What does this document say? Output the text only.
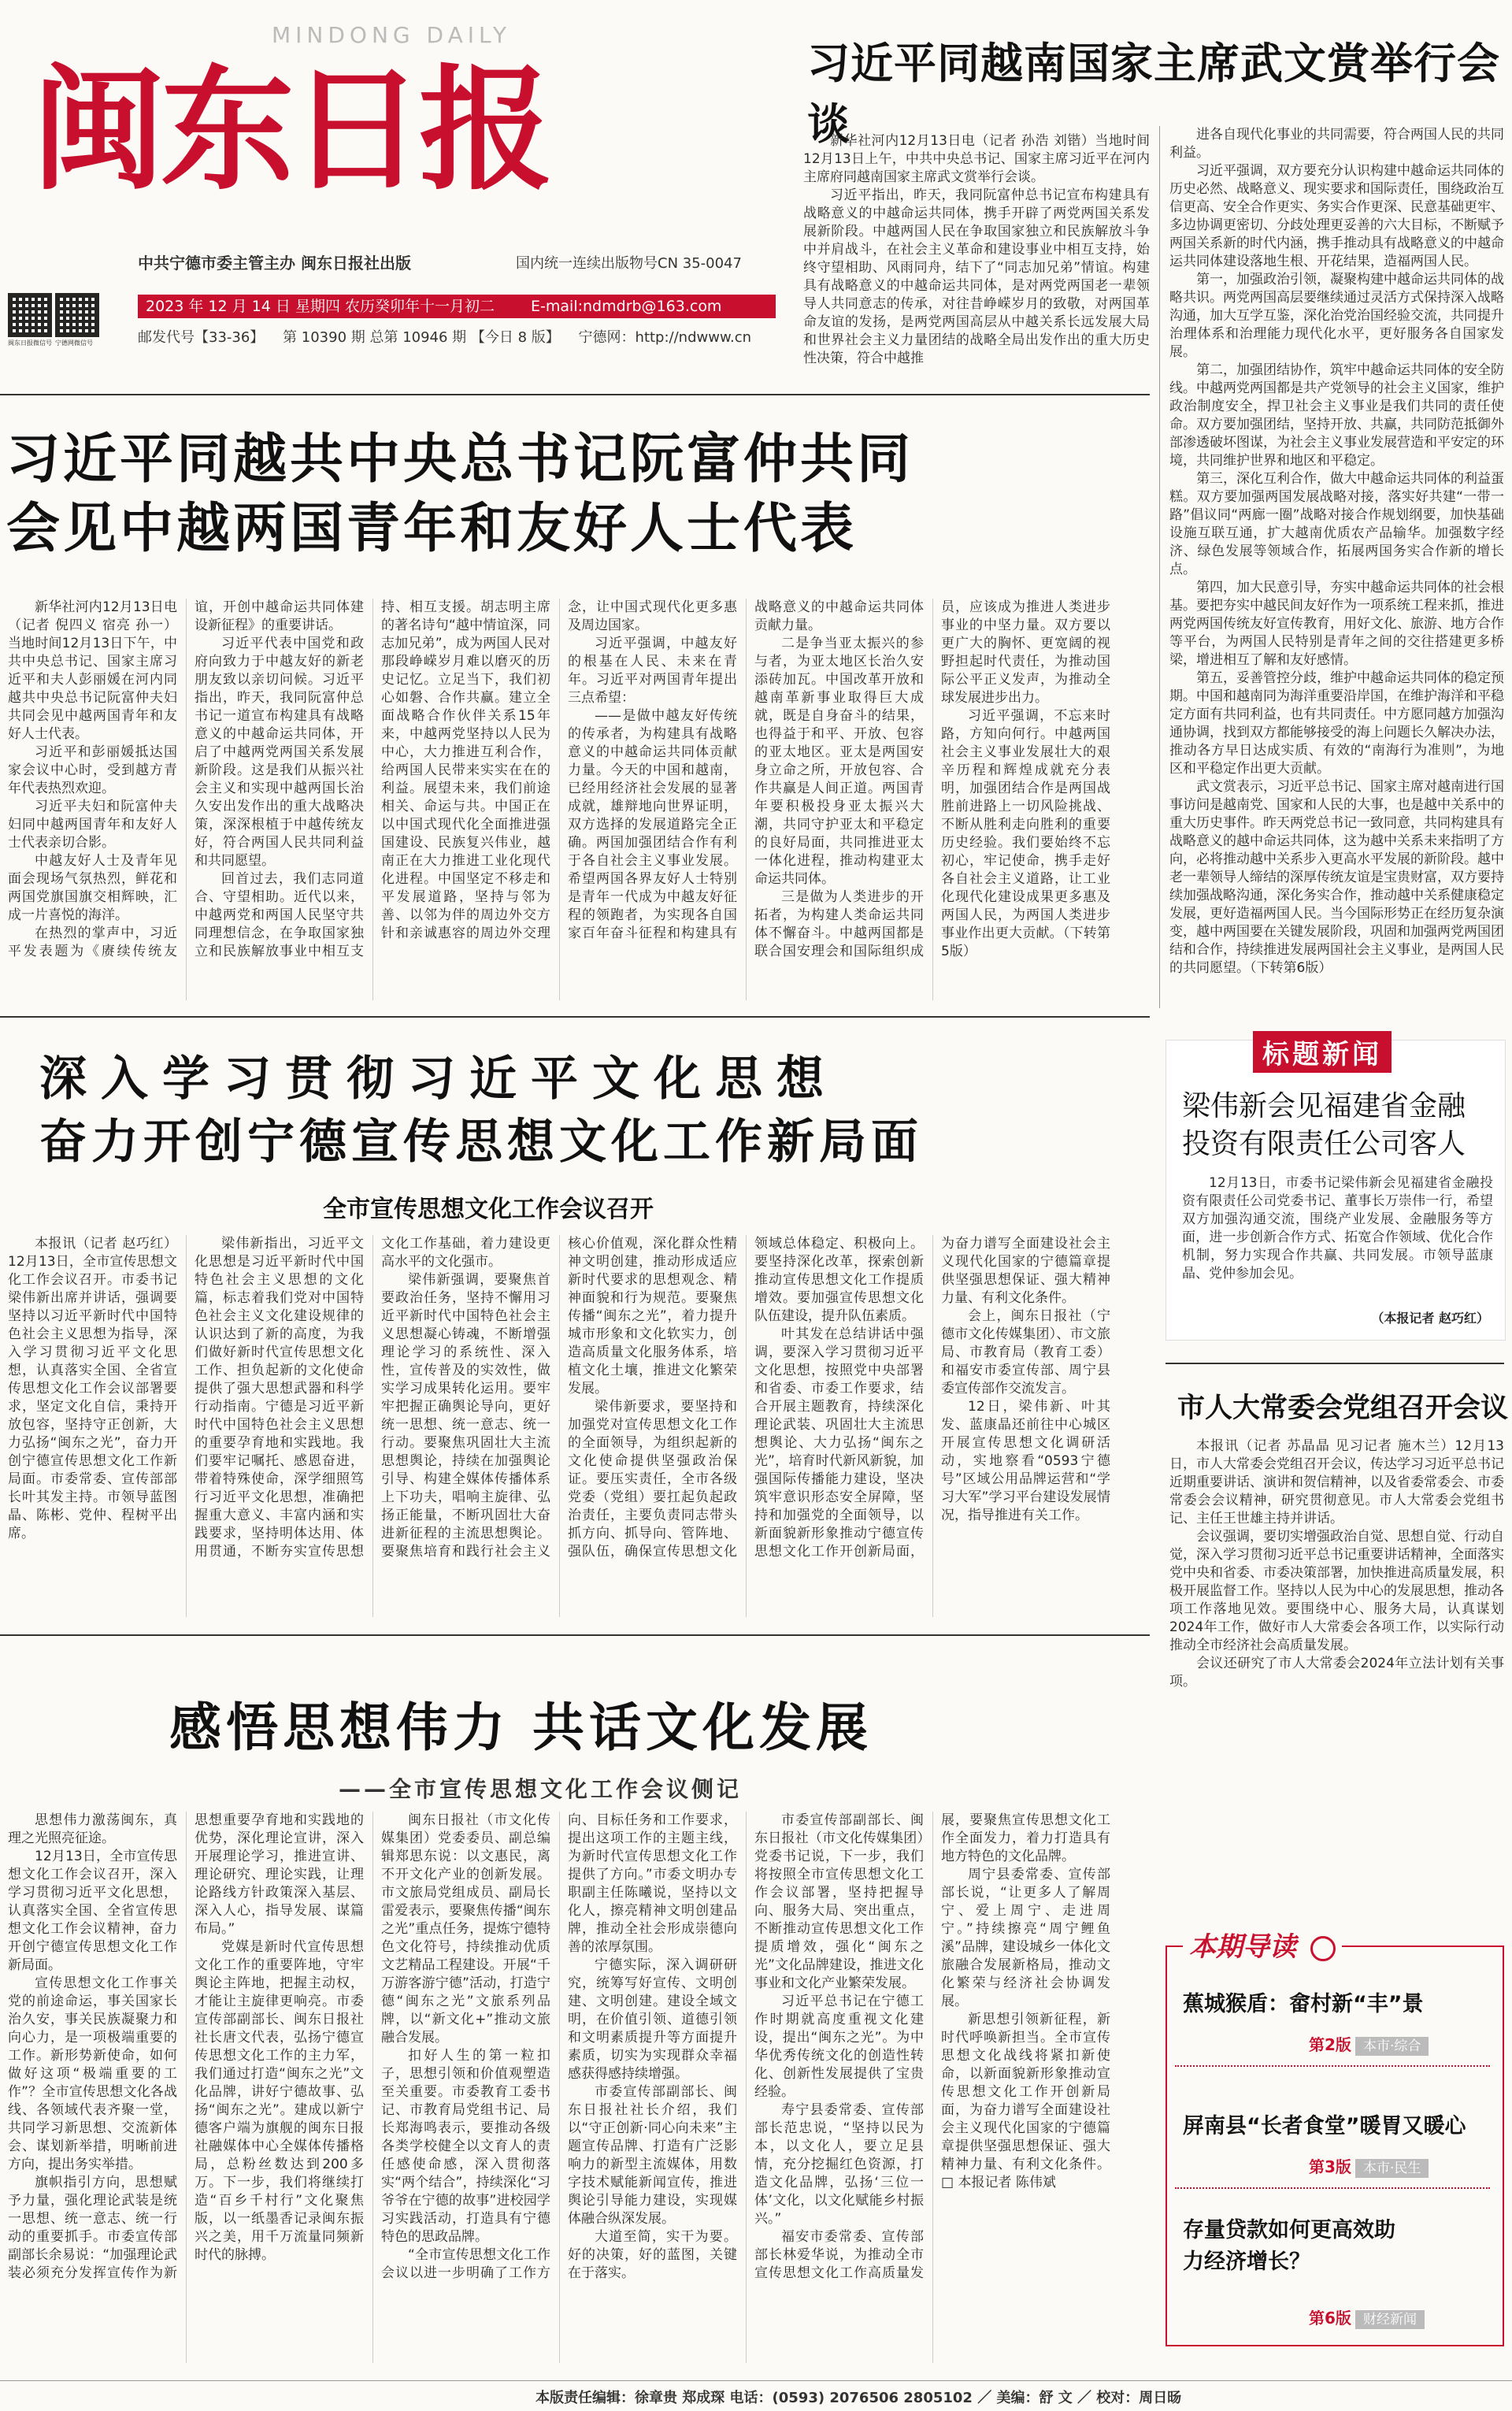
MINDONG DAILY
闽东日报
中共宁德市委主管主办 闽东日报社出版	国内统一连续出版物号CN 35-0047
闽东日报微信号 宁德网微信号
2023 年 12 月 14 日 星期四 农历癸卯年十一月初二 E-mail:ndmdrb@163.com
邮发代号【33-36】 第 10390 期 总第 10946 期 【今日 8 版】 宁德网：http://ndwww.cn
习近平同越南国家主席武文赏举行会谈

新华社河内12月13日电（记者 孙浩 刘锴）当地时间12月13日上午，中共中央总书记、国家主席习近平在河内主席府同越南国家主席武文赏举行会谈。

习近平指出，昨天，我同阮富仲总书记宣布构建具有战略意义的中越命运共同体，携手开辟了两党两国关系发展新阶段。中越两国人民在争取国家独立和民族解放斗争中并肩战斗，在社会主义革命和建设事业中相互支持，始终守望相助、风雨同舟，结下了“同志加兄弟”情谊。构建具有战略意义的中越命运共同体，是对两党两国老一辈领导人共同意志的传承，对往昔峥嵘岁月的致敬，对两国革命友谊的发扬，是两党两国高层从中越关系长远发展大局和世界社会主义力量团结的战略全局出发作出的重大历史性决策，符合中越推

进各自现代化事业的共同需要，符合两国人民的共同利益。

习近平强调，双方要充分认识构建中越命运共同体的历史必然、战略意义、现实要求和国际责任，围绕政治互信更高、安全合作更实、务实合作更深、民意基础更牢、多边协调更密切、分歧处理更妥善的六大目标，不断赋予两国关系新的时代内涵，携手推动具有战略意义的中越命运共同体建设落地生根、开花结果，造福两国人民。

第一，加强政治引领，凝聚构建中越命运共同体的战略共识。两党两国高层要继续通过灵活方式保持深入战略沟通，加大互学互鉴，深化治党治国经验交流，共同提升治理体系和治理能力现代化水平，更好服务各自国家发展。

第二，加强团结协作，筑牢中越命运共同体的安全防线。中越两党两国都是共产党领导的社会主义国家，维护政治制度安全，捍卫社会主义事业是我们共同的责任使命。双方要加强团结，坚持开放、共赢，共同防范抵御外部渗透破坏图谋，为社会主义事业发展营造和平安定的环境，共同维护世界和地区和平稳定。

第三，深化互利合作，做大中越命运共同体的利益蛋糕。双方要加强两国发展战略对接，落实好共建“一带一路”倡议同“两廊一圈”战略对接合作规划纲要，加快基础设施互联互通，扩大越南优质农产品输华。加强数字经济、绿色发展等领域合作，拓展两国务实合作新的增长点。

第四，加大民意引导，夯实中越命运共同体的社会根基。要把夯实中越民间友好作为一项系统工程来抓，推进两党两国传统友好宣传教育，用好文化、旅游、地方合作等平台，为两国人民特别是青年之间的交往搭建更多桥梁，增进相互了解和友好感情。

第五，妥善管控分歧，维护中越命运共同体的稳定预期。中国和越南同为海洋重要沿岸国，在维护海洋和平稳定方面有共同利益，也有共同责任。中方愿同越方加强沟通协调，找到双方都能够接受的海上问题长久解决办法，推动各方早日达成实质、有效的“南海行为准则”，为地区和平稳定作出更大贡献。

武文赏表示，习近平总书记、国家主席对越南进行国事访问是越南党、国家和人民的大事，也是越中关系中的重大历史事件。昨天两党总书记一致同意，共同构建具有战略意义的越中命运共同体，这为越中关系未来指明了方向，必将推动越中关系步入更高水平发展的新阶段。越中老一辈领导人缔结的深厚传统友谊是宝贵财富，双方要持续加强战略沟通，深化务实合作，推动越中关系健康稳定发展，更好造福两国人民。当今国际形势正在经历复杂演变，越中两国要在关键发展阶段，巩固和加强两党两国团结和合作，持续推进发展两国社会主义事业，是两国人民的共同愿望。（下转第6版）

习近平同越共中央总书记阮富仲共同
会见中越两国青年和友好人士代表

新华社河内12月13日电（记者 倪四义 宿亮 孙一）当地时间12月13日下午，中共中央总书记、国家主席习近平和夫人彭丽媛在河内同越共中央总书记阮富仲夫妇共同会见中越两国青年和友好人士代表。

习近平和彭丽媛抵达国家会议中心时，受到越方青年代表热烈欢迎。

习近平夫妇和阮富仲夫妇同中越两国青年和友好人士代表亲切合影。

中越友好人士及青年见面会现场气氛热烈，鲜花和两国党旗国旗交相辉映，汇成一片喜悦的海洋。

在热烈的掌声中，习近平发表题为《赓续传统友谊，开创中越命运共同体建设新征程》的重要讲话。

习近平代表中国党和政府向致力于中越友好的新老朋友致以亲切问候。习近平指出，昨天，我同阮富仲总书记一道宣布构建具有战略意义的中越命运共同体，开启了中越两党两国关系发展新阶段。这是我们从振兴社会主义和实现中越两国长治久安出发作出的重大战略决策，深深根植于中越传统友好，符合两国人民共同利益和共同愿望。

回首过去，我们志同道合、守望相助。近代以来，中越两党和两国人民坚守共同理想信念，在争取国家独立和民族解放事业中相互支持、相互支援。胡志明主席的著名诗句“越中情谊深，同志加兄弟”，成为两国人民对那段峥嵘岁月难以磨灭的历史记忆。立足当下，我们初心如磐、合作共赢。建立全面战略合作伙伴关系15年来，中越两党坚持以人民为中心，大力推进互利合作，给两国人民带来实实在在的利益。展望未来，我们前途相关、命运与共。中国正在以中国式现代化全面推进强国建设、民族复兴伟业，越南正在大力推进工业化现代化进程。中国坚定不移走和平发展道路，坚持与邻为善、以邻为伴的周边外交方针和亲诚惠容的周边外交理念，让中国式现代化更多惠及周边国家。

习近平强调，中越友好的根基在人民、未来在青年。习近平对两国青年提出三点希望：

——是做中越友好传统的传承者，为构建具有战略意义的中越命运共同体贡献力量。今天的中国和越南，已经用经济社会发展的显著成就，雄辩地向世界证明，双方选择的发展道路完全正确。两国加强团结合作有利于各自社会主义事业发展。希望两国各界友好人士特别是青年一代成为中越友好征程的领跑者，为实现各自国家百年奋斗征程和构建具有战略意义的中越命运共同体贡献力量。

二是争当亚太振兴的参与者，为亚太地区长治久安添砖加瓦。中国改革开放和越南革新事业取得巨大成就，既是自身奋斗的结果，也得益于和平、开放、包容的亚太地区。亚太是两国安身立命之所，开放包容、合作共赢是人间正道。两国青年要积极投身亚太振兴大潮，共同守护亚太和平稳定的良好局面，共同推进亚太一体化进程，推动构建亚太命运共同体。

三是做为人类进步的开拓者，为构建人类命运共同体不懈奋斗。中越两国都是联合国安理会和国际组织成员，应该成为推进人类进步事业的中坚力量。双方要以更广大的胸怀、更宽阔的视野担起时代责任，为推动国际公平正义发声，为推动全球发展进步出力。

习近平强调，不忘来时路，方知向何行。中越两国社会主义事业发展壮大的艰辛历程和辉煌成就充分表明，加强团结合作是两国战胜前进路上一切风险挑战、不断从胜利走向胜利的重要历史经验。我们要始终不忘初心，牢记使命，携手走好各自社会主义道路，让工业化现代化建设成果更多惠及两国人民，为两国人类进步事业作出更大贡献。（下转第5版）

深入学习贯彻习近平文化思想
奋力开创宁德宣传思想文化工作新局面
全市宣传思想文化工作会议召开

本报讯（记者 赵巧红）12月13日，全市宣传思想文化工作会议召开。市委书记梁伟新出席并讲话，强调要坚持以习近平新时代中国特色社会主义思想为指导，深入学习贯彻习近平文化思想，认真落实全国、全省宣传思想文化工作会议部署要求，坚定文化自信，秉持开放包容，坚持守正创新，大力弘扬“闽东之光”，奋力开创宁德宣传思想文化工作新局面。市委常委、宣传部部长叶其发主持。市领导蓝图晶、陈彬、党仲、程树平出席。

梁伟新指出，习近平文化思想是习近平新时代中国特色社会主义思想的文化篇，标志着我们党对中国特色社会主义文化建设规律的认识达到了新的高度，为我们做好新时代宣传思想文化工作、担负起新的文化使命提供了强大思想武器和科学行动指南。宁德是习近平新时代中国特色社会主义思想的重要孕育地和实践地。我们要牢记嘱托、感恩奋进，带着特殊使命，深学细照笃行习近平文化思想，准确把握重大意义、丰富内涵和实践要求，坚持明体达用、体用贯通，不断夯实宣传思想文化工作基础，着力建设更高水平的文化强市。

梁伟新强调，要聚焦首要政治任务，坚持不懈用习近平新时代中国特色社会主义思想凝心铸魂，不断增强理论学习的系统性、深入性，宣传普及的实效性，做实学习成果转化运用。要牢牢把握正确舆论导向，更好统一思想、统一意志、统一行动。要聚焦巩固壮大主流思想舆论，持续在加强舆论引导、构建全媒体传播体系上下功夫，唱响主旋律、弘扬正能量，不断巩固壮大奋进新征程的主流思想舆论。要聚焦培育和践行社会主义核心价值观，深化群众性精神文明创建，推动形成适应新时代要求的思想观念、精神面貌和行为规范。要聚焦传播“闽东之光”，着力提升城市形象和文化软实力，创造高质量文化服务体系，培植文化土壤，推进文化繁荣发展。

梁伟新要求，要坚持和加强党对宣传思想文化工作的全面领导，为组织起新的文化使命提供坚强政治保证。要压实责任，全市各级党委（党组）要扛起负起政治责任，主要负责同志带头抓方向、抓导向、管阵地、强队伍，确保宣传思想文化领域总体稳定、积极向上。要坚持深化改革，探索创新推动宣传思想文化工作提质增效。要加强宣传思想文化队伍建设，提升队伍素质。

叶其发在总结讲话中强调，要深入学习贯彻习近平文化思想，按照党中央部署和省委、市委工作要求，结合开展主题教育，持续深化理论武装、巩固壮大主流思想舆论、大力弘扬“闽东之光”，培育时代新风新貌，加强国际传播能力建设，坚决筑牢意识形态安全屏障，坚持和加强党的全面领导，以新面貌新形象推动宁德宣传思想文化工作开创新局面，为奋力谱写全面建设社会主义现代化国家的宁德篇章提供坚强思想保证、强大精神力量、有利文化条件。

会上，闽东日报社（宁德市文化传媒集团）、市文旅局、市教育局（教育工委）和福安市委宣传部、周宁县委宣传部作交流发言。

12日，梁伟新、叶其发、蓝康晶还前往中心城区开展宣传思想文化调研活动，实地察看“0593宁德号”区域公用品牌运营和“学习大军”学习平台建设发展情况，指导推进有关工作。

感悟思想伟力 共话文化发展
——全市宣传思想文化工作会议侧记

思想伟力激荡闽东，真理之光照亮征途。

12月13日，全市宣传思想文化工作会议召开，深入学习贯彻习近平文化思想，认真落实全国、全省宣传思想文化工作会议精神，奋力开创宁德宣传思想文化工作新局面。

宣传思想文化工作事关党的前途命运，事关国家长治久安，事关民族凝聚力和向心力，是一项极端重要的工作。新形势新使命，如何做好这项“极端重要的工作”？全市宣传思想文化各战线、各领域代表齐聚一堂，共同学习新思想、交流新体会、谋划新举措，明晰前进方向，提出务实举措。

旗帜指引方向，思想赋予力量，强化理论武装是统一思想、统一意志、统一行动的重要抓手。市委宣传部副部长余易说：“加强理论武装必须充分发挥宣传作为新思想重要孕育地和实践地的优势，深化理论宣讲，深入开展理论学习，推进宣讲、理论研究、理论实践，让理论路线方针政策深入基层、深入人心，指导发展、谋篇布局。”

党媒是新时代宣传思想文化工作的重要阵地，守牢舆论主阵地，把握主动权，才能让主旋律更响亮。市委宣传部副部长、闽东日报社社长唐文代表，弘扬宁德宣传思想文化工作的主力军，我们通过打造“闽东之光”文化品牌，讲好宁德故事、弘扬“闽东之光”。建成以新宁德客户端为旗舰的闽东日报社融媒体中心全媒体传播格局，总粉丝数达到200多万。下一步，我们将继续打造“百乡千村行”文化聚焦版，以一纸墨香记录闽东振兴之美，用千万流量同频新时代的脉搏。

闽东日报社（市文化传媒集团）党委委员、副总编辑郑思东说：以文惠民，离不开文化产业的创新发展。市文旅局党组成员、副局长雷爱表示，要聚焦传播“闽东之光”重点任务，提炼宁德特色文化符号，持续推动优质文艺精品工程建设。开展“千万游客游宁德”活动，打造宁德“闽东之光”文旅系列品牌，以“新文化+”推动文旅融合发展。

扣好人生的第一粒扣子，思想引领和价值观塑造至关重要。市委教育工委书记、市教育局党组书记、局长郑海鸣表示，要推动各级各类学校健全以文育人的责任感使命感，深入贯彻落实“两个结合”，持续深化“习爷爷在宁德的故事”进校园学习实践活动，打造具有宁德特色的思政品牌。

“全市宣传思想文化工作会议以进一步明确了工作方向、目标任务和工作要求，提出这项工作的主题主线，为新时代宣传思想文化工作提供了方向。”市委文明办专职副主任陈曦说，坚持以文化人，擦亮精神文明创建品牌，推动全社会形成崇德向善的浓厚氛围。

宁德实际，深入调研研究，统筹写好宣传、文明创建、文明创建。建设全域文明，在价值引领、道德引领和文明素质提升等方面提升素质，切实为实现群众幸福感获得感持续增强。

市委宣传部副部长、闽东日报社社长介绍，我们以“守正创新·同心向未来”主题宣传品牌、打造有广泛影响力的新型主流媒体，用数字技术赋能新闻宣传，推进舆论引导能力建设，实现媒体融合纵深发展。

大道至简，实干为要。好的决策，好的蓝图，关键在于落实。

市委宣传部副部长、闽东日报社（市文化传媒集团）党委书记说，下一步，我们将按照全市宣传思想文化工作会议部署，坚持把握导向、服务大局、突出重点，不断推动宣传思想文化工作提质增效，强化“闽东之光”文化品牌建设，推进文化事业和文化产业繁荣发展。

习近平总书记在宁德工作时期就高度重视文化建设，提出“闽东之光”。为中华优秀传统文化的创造性转化、创新性发展提供了宝贵经验。

寿宁县委常委、宣传部部长范忠说，“坚持以民为本，以文化人，要立足县情，充分挖掘红色资源，打造文化品牌，弘扬‘三位一体’文化，以文化赋能乡村振兴。”

福安市委常委、宣传部部长林爱华说，为推动全市宣传思想文化工作高质量发展，要聚焦宣传思想文化工作全面发力，着力打造具有地方特色的文化品牌。

周宁县委常委、宣传部部长说，“让更多人了解周宁、爱上周宁、走进周宁。”持续擦亮“周宁鲤鱼溪”品牌，建设城乡一体化文旅融合发展新格局，推动文化繁荣与经济社会协调发展。

新思想引领新征程，新时代呼唤新担当。全市宣传思想文化战线将紧扣新使命，以新面貌新形象推动宣传思想文化工作开创新局面，为奋力谱写全面建设社会主义现代化国家的宁德篇章提供坚强思想保证、强大精神力量、有利文化条件。□ 本报记者 陈伟斌

标题新闻
梁伟新会见福建省金融投资有限责任公司客人

12月13日，市委书记梁伟新会见福建省金融投资有限责任公司党委书记、董事长万崇伟一行，希望双方加强沟通交流，围绕产业发展、金融服务等方面，进一步创新合作方式、拓宽合作领域、优化合作机制，努力实现合作共赢、共同发展。市领导蓝康晶、党仲参加会见。

（本报记者 赵巧红）
市人大常委会党组召开会议

本报讯（记者 苏晶晶 见习记者 施木兰）12月13日，市人大常委会党组召开会议，传达学习习近平总书记近期重要讲话、演讲和贺信精神，以及省委常委会、市委常委会会议精神，研究贯彻意见。市人大常委会党组书记、主任王世雄主持并讲话。

会议强调，要切实增强政治自觉、思想自觉、行动自觉，深入学习贯彻习近平总书记重要讲话精神，全面落实党中央和省委、市委决策部署，加快推进高质量发展，积极开展监督工作。坚持以人民为中心的发展思想，推动各项工作落地见效。要围绕中心、服务大局，认真谋划2024年工作，做好市人大常委会各项工作，以实际行动推动全市经济社会高质量发展。

会议还研究了市人大常委会2024年立法计划有关事项。

本期导读
蕉城猴盾：畲村新“丰”景
第2版 本市·综合
屏南县“长者食堂”暖胃又暖心
第3版 本市·民生
存量贷款如何更高效助力经济增长？
第6版 财经新闻
本版责任编辑：徐章贵 郑成琛 电话：(0593) 2076506 2805102 ／ 美编：舒 文 ／ 校对：周日旸
